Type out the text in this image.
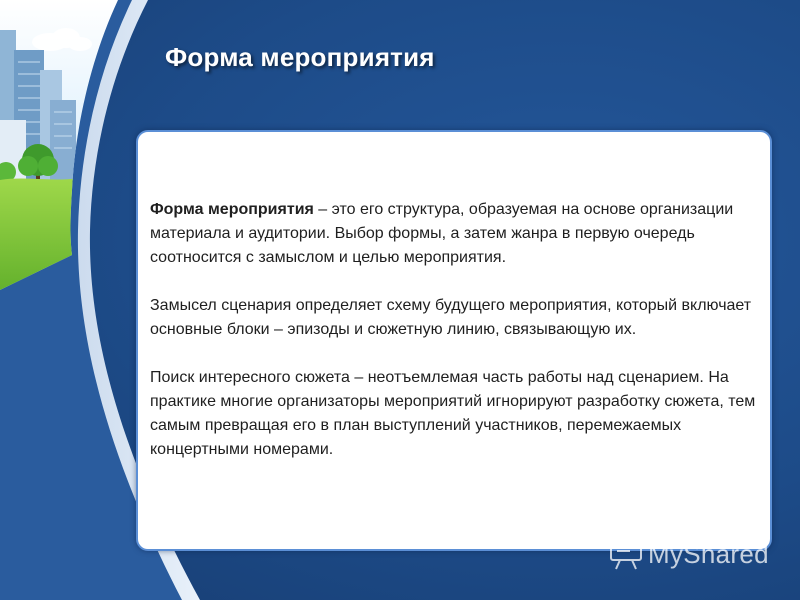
Форма мероприятия

Форма мероприятия – это его структура, образуемая на основе организации материала и аудитории. Выбор формы, а затем жанра в первую очередь соотносится с замыслом и целью мероприятия.

Замысел сценария определяет схему будущего мероприятия, который включает основные блоки – эпизоды и сюжетную линию, связывающую их.

Поиск интересного сюжета – неотъемлемая часть работы над сценарием. На практике многие организаторы мероприятий игнорируют разработку сюжета, тем самым превращая его в план выступлений участников, перемежаемых концертными номерами.

MyShared
